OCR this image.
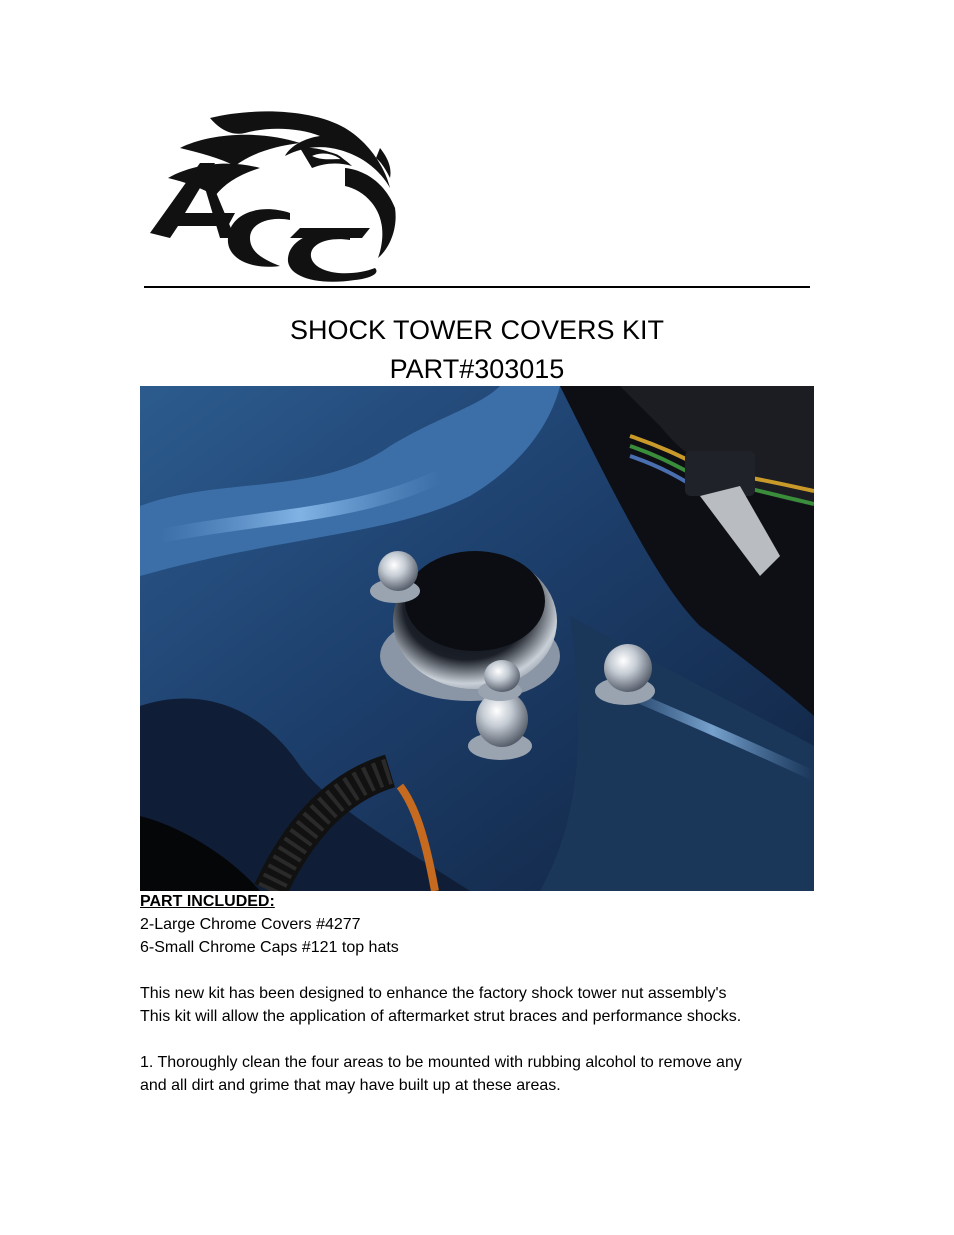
SHOCK TOWER COVERS KIT
PART#303015

PART INCLUDED:

2-Large Chrome Covers #4277

6-Small Chrome Caps #121 top hats

This new kit has been designed to enhance the factory shock tower nut assembly's

This kit will allow the application of aftermarket strut braces and performance shocks.

1. Thoroughly clean the four areas to be mounted with rubbing alcohol to remove any

and all dirt and grime that may have built up at these areas.
